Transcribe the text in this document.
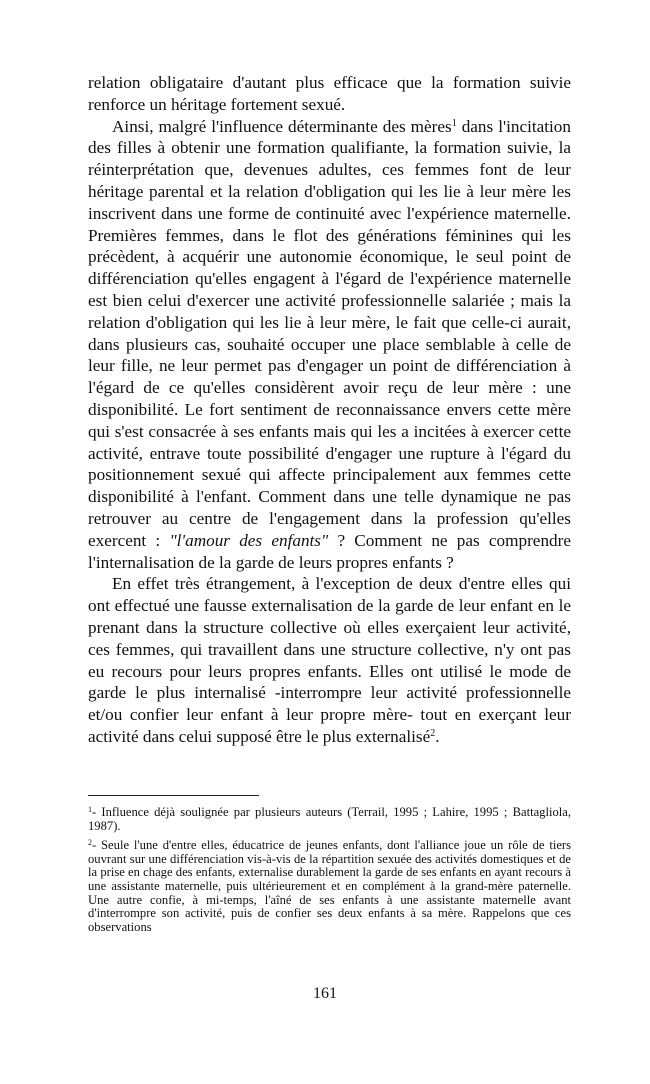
relation obligataire d'autant plus efficace que la formation suivie renforce un héritage fortement sexué.

Ainsi, malgré l'influence déterminante des mères$^1$ dans l'incitation des filles à obtenir une formation qualifiante, la formation suivie, la réinterprétation que, devenues adultes, ces femmes font de leur héritage parental et la relation d'obligation qui les lie à leur mère les inscrivent dans une forme de continuité avec l'expérience maternelle. Premières femmes, dans le flot des générations féminines qui les précèdent, à acquérir une autonomie économique, le seul point de différenciation qu'elles engagent à l'égard de l'expérience maternelle est bien celui d'exercer une activité professionnelle salariée ; mais la relation d'obligation qui les lie à leur mère, le fait que celle-ci aurait, dans plusieurs cas, souhaité occuper une place semblable à celle de leur fille, ne leur permet pas d'engager un point de différenciation à l'égard de ce qu'elles considèrent avoir reçu de leur mère : une disponibilité. Le fort sentiment de reconnaissance envers cette mère qui s'est consacrée à ses enfants mais qui les a incitées à exercer cette activité, entrave toute possibilité d'engager une rupture à l'égard du positionnement sexué qui affecte principalement aux femmes cette disponibilité à l'enfant. Comment dans une telle dynamique ne pas retrouver au centre de l'engagement dans la profession qu'elles exercent : "l'amour des enfants" ? Comment ne pas comprendre l'internalisation de la garde de leurs propres enfants ?

En effet très étrangement, à l'exception de deux d'entre elles qui ont effectué une fausse externalisation de la garde de leur enfant en le prenant dans la structure collective où elles exerçaient leur activité, ces femmes, qui travaillent dans une structure collective, n'y ont pas eu recours pour leurs propres enfants. Elles ont utilisé le mode de garde le plus internalisé -interrompre leur activité professionnelle et/ou confier leur enfant à leur propre mère- tout en exerçant leur activité dans celui supposé être le plus externalisé$^2$.

$^1$- Influence déjà soulignée par plusieurs auteurs (Terrail, 1995 ; Lahire, 1995 ; Battagliola, 1987).

$^2$- Seule l'une d'entre elles, éducatrice de jeunes enfants, dont l'alliance joue un rôle de tiers ouvrant sur une différenciation vis-à-vis de la répartition sexuée des activités domestiques et de la prise en chage des enfants, externalise durablement la garde de ses enfants en ayant recours à une assistante maternelle, puis ultérieurement et en complément à la grand-mère paternelle. Une autre confie, à mi-temps, l'aîné de ses enfants à une assistante maternelle avant d'interrompre son activité, puis de confier ses deux enfants à sa mère. Rappelons que ces observations

161
